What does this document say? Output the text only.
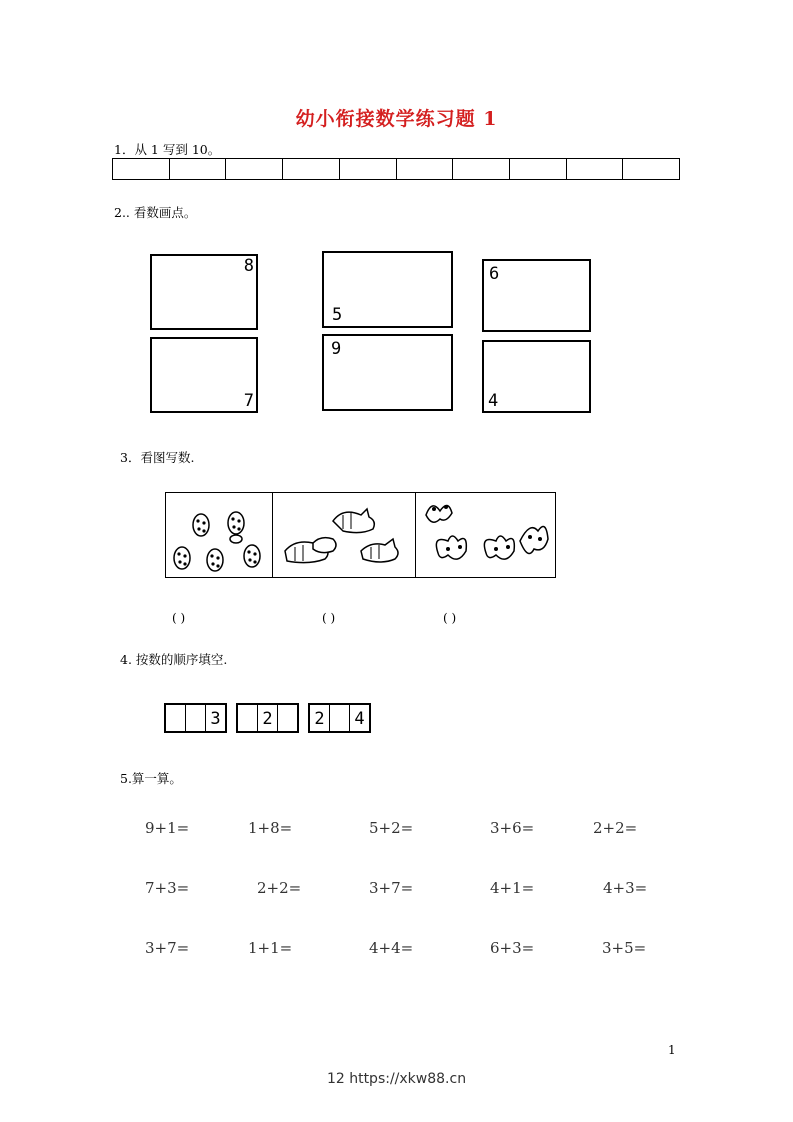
幼小衔接数学练习题 1
1．从 1 写到 10。
2.. 看数画点。
8
5
6
7
9
4
3．看图写数.
( )	( )	( )
4. 按数的顺序填空.
3 2	2	4
5.算一算。
9+1=	1+8=	5+2=	3+6=	2+2=
7+3=	2+2=	3+7=	4+1=	4+3=
3+7=	1+1=	4+4=	6+3=	3+5=
1
12 https://xkw88.cn
